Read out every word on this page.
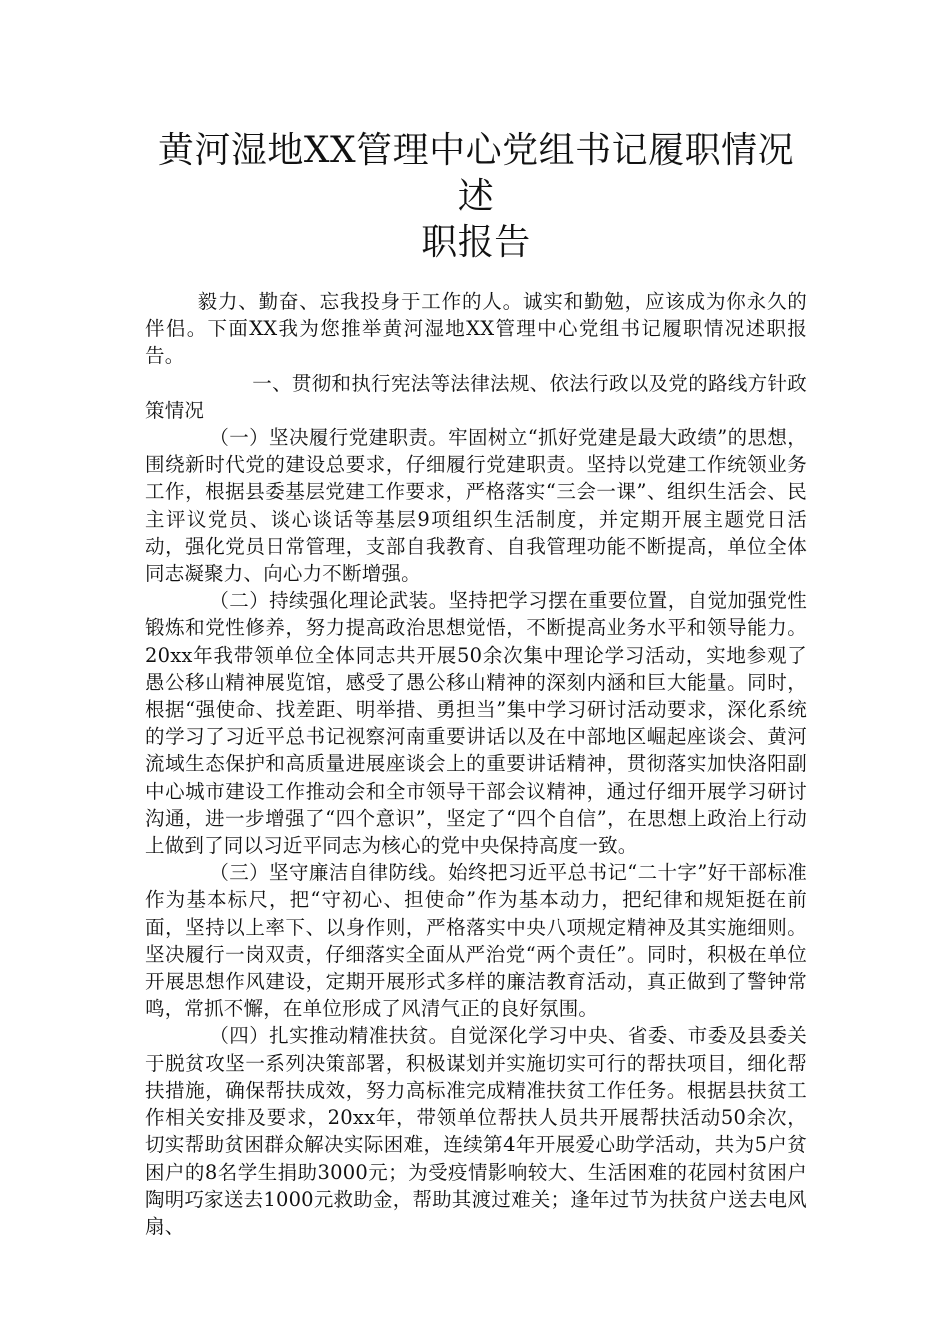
黄河湿地XX管理中心党组书记履职情况述
职报告

毅力、勤奋、忘我投身于工作的人。诚实和勤勉，应该成为你永久的伴侣。下面XX我为您推举黄河湿地XX管理中心党组书记履职情况述职报告。

一、贯彻和执行宪法等法律法规、依法行政以及党的路线方针政策情况

（一）坚决履行党建职责。牢固树立“抓好党建是最大政绩”的思想，围绕新时代党的建设总要求，仔细履行党建职责。坚持以党建工作统领业务工作，根据县委基层党建工作要求，严格落实“三会一课”、组织生活会、民主评议党员、谈心谈话等基层9项组织生活制度，并定期开展主题党日活动，强化党员日常管理，支部自我教育、自我管理功能不断提高，单位全体同志凝聚力、向心力不断增强。

（二）持续强化理论武装。坚持把学习摆在重要位置，自觉加强党性锻炼和党性修养，努力提高政治思想觉悟，不断提高业务水平和领导能力。20xx年我带领单位全体同志共开展50余次集中理论学习活动，实地参观了愚公移山精神展览馆，感受了愚公移山精神的深刻内涵和巨大能量。同时，根据“强使命、找差距、明举措、勇担当”集中学习研讨活动要求，深化系统的学习了习近平总书记视察河南重要讲话以及在中部地区崛起座谈会、黄河流域生态保护和高质量进展座谈会上的重要讲话精神，贯彻落实加快洛阳副中心城市建设工作推动会和全市领导干部会议精神，通过仔细开展学习研讨沟通，进一步增强了“四个意识”，坚定了“四个自信”，在思想上政治上行动上做到了同以习近平同志为核心的党中央保持高度一致。

（三）坚守廉洁自律防线。始终把习近平总书记“二十字”好干部标准作为基本标尺，把“守初心、担使命”作为基本动力，把纪律和规矩挺在前面，坚持以上率下、以身作则，严格落实中央八项规定精神及其实施细则。坚决履行一岗双责，仔细落实全面从严治党“两个责任”。同时，积极在单位开展思想作风建设，定期开展形式多样的廉洁教育活动，真正做到了警钟常鸣，常抓不懈，在单位形成了风清气正的良好氛围。

（四）扎实推动精准扶贫。自觉深化学习中央、省委、市委及县委关于脱贫攻坚一系列决策部署，积极谋划并实施切实可行的帮扶项目，细化帮扶措施，确保帮扶成效，努力高标准完成精准扶贫工作任务。根据县扶贫工作相关安排及要求，20xx年，带领单位帮扶人员共开展帮扶活动50余次，切实帮助贫困群众解决实际困难，连续第4年开展爱心助学活动，共为5户贫困户的8名学生捐助3000元；为受疫情影响较大、生活困难的花园村贫困户陶明巧家送去1000元救助金，帮助其渡过难关；逢年过节为扶贫户送去电风扇、
